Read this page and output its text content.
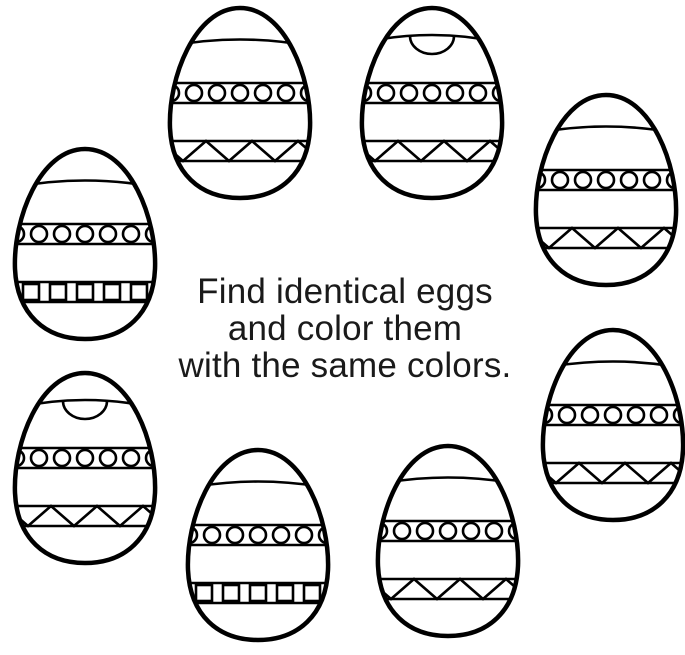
Find identical eggs
and color them
with the same colors.
